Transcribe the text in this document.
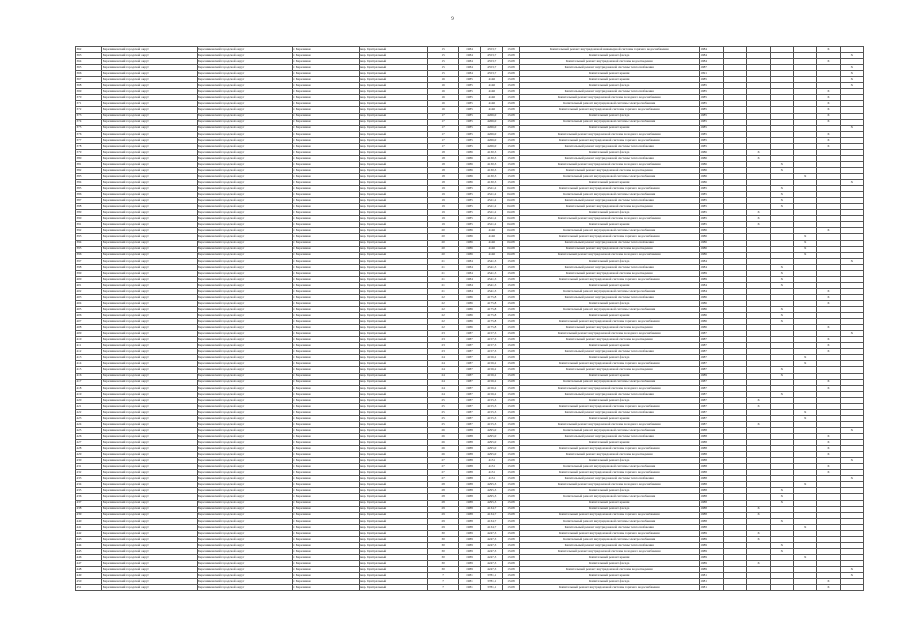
9
362	Березниковский городской округ	Березниковский городской округ	г. Березники	мкр. Центральный	15	1984	4553,7	13.08	Капитальный ремонт внутридомовой инженерной системы горячего водоснабжения	1984					X	
363	Березниковский городской округ	Березниковский городской округ	г. Березники	мкр. Центральный	15	1984	4553,7	13.08	Капитальный ремонт фасада	1984						X
364	Березниковский городской округ	Березниковский городской округ	г. Березники	мкр. Центральный	15	1984	4553,7	13.08	Капитальный ремонт внутридомовой системы водоотведения	1984					X	
365	Березниковский городской округ	Березниковский городской округ	г. Березники	мкр. Центральный	15	1984	4553,7	13.08	Капитальный ремонт внутридомовой системы теплоснабжения	1987						X
366	Березниковский городской округ	Березниковский городской округ	г. Березники	мкр. Центральный	15	1984	4553,7	13.08	Капитальный ремонт крыши	1991						X
367	Березниковский городской округ	Березниковский городской округ	г. Березники	мкр. Центральный	16	1985	4146	13.08	Капитальный ремонт крыши	1985						X
368	Березниковский городской округ	Березниковский городской округ	г. Березники	мкр. Центральный	16	1985	4146	13.08	Капитальный ремонт фасада	1985						X
369	Березниковский городской округ	Березниковский городской округ	г. Березники	мкр. Центральный	16	1985	4146	13.08	Капитальный ремонт внутридомовой системы теплоснабжения	1985					X	
370	Березниковский городской округ	Березниковский городской округ	г. Березники	мкр. Центральный	16	1985	4146	13.08	Капитальный ремонт внутридомовой системы холодного водоснабжения	1985					X	
371	Березниковский городской округ	Березниковский городской округ	г. Березники	мкр. Центральный	16	1985	4146	13.08	Капитальный ремонт внутридомовой системы электроснабжения	1985					X	
372	Березниковский городской округ	Березниковский городской округ	г. Березники	мкр. Центральный	16	1985	4146	13.08	Капитальный ремонт внутридомовой системы горячего водоснабжения	1985					X	
373	Березниковский городской округ	Березниковский городской округ	г. Березники	мкр. Центральный	17	1985	4266,0	13.08	Капитальный ремонт фасада	1985					X	
374	Березниковский городской округ	Березниковский городской округ	г. Березники	мкр. Центральный	17	1985	4266,0	13.08	Капитальный ремонт внутридомовой системы электроснабжения	1985					X	
375	Березниковский городской округ	Березниковский городской округ	г. Березники	мкр. Центральный	17	1985	4266,0	13.08	Капитальный ремонт крыши	1985						X
376	Березниковский городской округ	Березниковский городской округ	г. Березники	мкр. Центральный	17	1985	4266,0	13.08	Капитальный ремонт внутридомовой системы холодного водоснабжения	1985					X	
377	Березниковский городской округ	Березниковский городской округ	г. Березники	мкр. Центральный	17	1985	4266,0	13.08	Капитальный ремонт внутридомовой системы горячего водоснабжения	1985					X	
378	Березниковский городской округ	Березниковский городской округ	г. Березники	мкр. Центральный	17	1985	4266,0	13.08	Капитальный ремонт внутридомовой системы теплоснабжения	1985					X	
379	Березниковский городской округ	Березниковский городской округ	г. Березники	мкр. Центральный	18	1986	4130,3	13.08	Капитальный ремонт фасада	1986		X				
380	Березниковский городской округ	Березниковский городской округ	г. Березники	мкр. Центральный	18	1986	4130,3	13.08	Капитальный ремонт внутридомовой системы теплоснабжения	1986		X				
381	Березниковский городской округ	Березниковский городской округ	г. Березники	мкр. Центральный	18	1986	4130,3	13.08	Капитальный ремонт внутридомовой системы холодного водоснабжения	1986			X			
382	Березниковский городской округ	Березниковский городской округ	г. Березники	мкр. Центральный	18	1986	4130,3	13.08	Капитальный ремонт внутридомовой системы водоотведения	1986			X			
383	Березниковский городской округ	Березниковский городской округ	г. Березники	мкр. Центральный	18	1986	4130,3	13.08	Капитальный ремонт внутридомовой системы электроснабжения	1986				X		
384	Березниковский городской округ	Березниковский городской округ	г. Березники	мкр. Центральный	18	1986	4130,3	13.08	Капитальный ремонт крыши	1986						X
385	Березниковский городской округ	Березниковский городской округ	г. Березники	мкр. Центральный	19	1985	4521,2	04.08	Капитальный ремонт внутридомовой системы горячего водоснабжения	1985			X			
386	Березниковский городской округ	Березниковский городской округ	г. Березники	мкр. Центральный	19	1985	4521,2	04.08	Капитальный ремонт внутридомовой системы электроснабжения	1985			X			
387	Березниковский городской округ	Березниковский городской округ	г. Березники	мкр. Центральный	19	1985	4521,2	04.08	Капитальный ремонт внутридомовой системы теплоснабжения	1985			X			
388	Березниковский городской округ	Березниковский городской округ	г. Березники	мкр. Центральный	19	1985	4521,2	04.08	Капитальный ремонт внутридомовой системы водоотведения	1985			X			
389	Березниковский городской округ	Березниковский городской округ	г. Березники	мкр. Центральный	19	1985	4521,2	04.08	Капитальный ремонт фасада	1985		X				
390	Березниковский городской округ	Березниковский городской округ	г. Березники	мкр. Центральный	19	1985	4521,2	04.08	Капитальный ремонт внутридомовой системы холодного водоснабжения	1985		X				
391	Березниковский городской округ	Березниковский городской округ	г. Березники	мкр. Центральный	19	1985	4521,2	04.08	Капитальный ремонт крыши	1985		X				
392	Березниковский городской округ	Березниковский городской округ	г. Березники	мкр. Центральный	20	1986	4146	04.08	Капитальный ремонт внутридомовой системы электроснабжения	1986					X	
393	Березниковский городской округ	Березниковский городской округ	г. Березники	мкр. Центральный	20	1986	4146	04.08	Капитальный ремонт внутридомовой системы горячего водоснабжения	1986				X		
394	Березниковский городской округ	Березниковский городской округ	г. Березники	мкр. Центральный	20	1986	4146	04.08	Капитальный ремонт внутридомовой системы теплоснабжения	1986				X		
395	Березниковский городской округ	Березниковский городской округ	г. Березники	мкр. Центральный	20	1986	4146	04.08	Капитальный ремонт внутридомовой системы водоотведения	1986				X		
396	Березниковский городской округ	Березниковский городской округ	г. Березники	мкр. Центральный	20	1986	4146	04.08	Капитальный ремонт внутридомовой системы холодного водоснабжения	1986				X		
397	Березниковский городской округ	Березниковский городской округ	г. Березники	мкр. Центральный	21	1984	4541,3	13.08	Капитальный ремонт фасада	1984						X
398	Березниковский городской округ	Березниковский городской округ	г. Березники	мкр. Центральный	21	1984	4541,3	13.08	Капитальный ремонт внутридомовой системы теплоснабжения	1984			X			
399	Березниковский городской округ	Березниковский городской округ	г. Березники	мкр. Центральный	21	1984	4541,3	13.08	Капитальный ремонт внутридомовой системы водоотведения	1989			X			
400	Березниковский городской округ	Березниковский городской округ	г. Березники	мкр. Центральный	21	1984	4541,3	13.08	Капитальный ремонт внутридомовой системы горячего водоснабжения	1989			X			
401	Березниковский городской округ	Березниковский городской округ	г. Березники	мкр. Центральный	21	1984	4541,3	13.08	Капитальный ремонт крыши	1984			X			
402	Березниковский городской округ	Березниковский городской округ	г. Березники	мкр. Центральный	21	1984	4541,3	13.08	Капитальный ремонт внутридомовой системы электроснабжения	1984					X	
403	Березниковский городской округ	Березниковский городской округ	г. Березники	мкр. Центральный	22	1986	4175,8	13.08	Капитальный ремонт внутридомовой системы теплоснабжения	1986					X	
404	Березниковский городской округ	Березниковский городской округ	г. Березники	мкр. Центральный	22	1986	4175,8	13.08	Капитальный ремонт фасада	1986					X	
405	Березниковский городской округ	Березниковский городской округ	г. Березники	мкр. Центральный	22	1986	4175,8	13.08	Капитальный ремонт внутридомовой системы электроснабжения	1986			X			
406	Березниковский городской округ	Березниковский городской округ	г. Березники	мкр. Центральный	22	1986	4175,8	13.08	Капитальный ремонт крыши	1986			X			
407	Березниковский городской округ	Березниковский городской округ	г. Березники	мкр. Центральный	22	1986	4175,8	13.08	Капитальный ремонт внутридомовой системы горячего водоснабжения	1986			X			
408	Березниковский городской округ	Березниковский городской округ	г. Березники	мкр. Центральный	22	1986	4175,8	13.08	Капитальный ремонт внутридомовой системы водоотведения	1986					X	
409	Березниковский городской округ	Березниковский городской округ	г. Березники	мкр. Центральный	23	1987	4157,3	13.08	Капитальный ремонт внутридомовой системы холодного водоснабжения	1987						X
410	Березниковский городской округ	Березниковский городской округ	г. Березники	мкр. Центральный	23	1987	4157,3	13.08	Капитальный ремонт внутридомовой системы водоотведения	1987					X	
411	Березниковский городской округ	Березниковский городской округ	г. Березники	мкр. Центральный	23	1987	4157,3	13.08	Капитальный ремонт крыши	1987					X	
412	Березниковский городской округ	Березниковский городской округ	г. Березники	мкр. Центральный	23	1987	4157,3	13.08	Капитальный ремонт внутридомовой системы теплоснабжения	1987					X	
413	Березниковский городской округ	Березниковский городской округ	г. Березники	мкр. Центральный	24	1987	4156,2	13.08	Капитальный ремонт фасада	1987				X		
414	Березниковский городской округ	Березниковский городской округ	г. Березники	мкр. Центральный	24	1987	4156,2	13.08	Капитальный ремонт внутридомовой системы горячего водоснабжения	1987				X		
415	Березниковский городской округ	Березниковский городской округ	г. Березники	мкр. Центральный	24	1987	4156,2	13.08	Капитальный ремонт внутридомовой системы водоотведения	1987			X			
416	Березниковский городской округ	Березниковский городской округ	г. Березники	мкр. Центральный	24	1987	4156,2	13.08	Капитальный ремонт крыши	1989			X			
417	Березниковский городской округ	Березниковский городской округ	г. Березники	мкр. Центральный	24	1987	4156,2	13.08	Капитальный ремонт внутридомовой системы электроснабжения	1987					X	
418	Березниковский городской округ	Березниковский городской округ	г. Березники	мкр. Центральный	24	1987	4156,2	13.08	Капитальный ремонт внутридомовой системы холодного водоснабжения	1987					X	
419	Березниковский городской округ	Березниковский городской округ	г. Березники	мкр. Центральный	24	1987	4156,2	13.08	Капитальный ремонт внутридомовой системы теплоснабжения	1987			X			
420	Березниковский городской округ	Березниковский городской округ	г. Березники	мкр. Центральный	25	1987	4155,3	13.08	Капитальный ремонт фасада	1987		X				
421	Березниковский городской округ	Березниковский городской округ	г. Березники	мкр. Центральный	25	1987	4155,3	13.08	Капитальный ремонт внутридомовой системы горячего водоснабжения	1987		X				
422	Березниковский городской округ	Березниковский городской округ	г. Березники	мкр. Центральный	25	1987	4155,3	13.08	Капитальный ремонт внутридомовой системы теплоснабжения	1987				X		
423	Березниковский городской округ	Березниковский городской округ	г. Березники	мкр. Центральный	25	1987	4155,3	13.08	Капитальный ремонт крыши	1987				X		
424	Березниковский городской округ	Березниковский городской округ	г. Березники	мкр. Центральный	25	1987	4155,3	13.08	Капитальный ремонт внутридомовой системы холодного водоснабжения	1987		X				
425	Березниковский городской округ	Березниковский городской округ	г. Березники	мкр. Центральный	26	1988	4295,0	13.08	Капитальный ремонт внутридомовой системы электроснабжения	1988						X
426	Березниковский городской округ	Березниковский городской округ	г. Березники	мкр. Центральный	26	1988	4295,0	13.08	Капитальный ремонт внутридомовой системы теплоснабжения	1988					X	
427	Березниковский городской округ	Березниковский городской округ	г. Березники	мкр. Центральный	26	1988	4295,0	13.08	Капитальный ремонт крыши	1988					X	
428	Березниковский городской округ	Березниковский городской округ	г. Березники	мкр. Центральный	26	1988	4295,0	13.08	Капитальный ремонт внутридомовой системы горячего водоснабжения	1988					X	
429	Березниковский городской округ	Березниковский городской округ	г. Березники	мкр. Центральный	26	1988	4295,0	13.08	Капитальный ремонт внутридомовой системы водоотведения	1988					X	
430	Березниковский городской округ	Березниковский городской округ	г. Березники	мкр. Центральный	27	1988	4131	13.08	Капитальный ремонт фасада	1988						X
431	Березниковский городской округ	Березниковский городской округ	г. Березники	мкр. Центральный	27	1988	4131	13.08	Капитальный ремонт внутридомовой системы электроснабжения	1988					X	
432	Березниковский городской округ	Березниковский городской округ	г. Березники	мкр. Центральный	27	1988	4131	13.08	Капитальный ремонт внутридомовой системы горячего водоснабжения	1988					X	
433	Березниковский городской округ	Березниковский городской округ	г. Березники	мкр. Центральный	27	1988	4131	13.08	Капитальный ремонт внутридомовой системы теплоснабжения	1988						X
434	Березниковский городской округ	Березниковский городской округ	г. Березники	мкр. Центральный	28	1988	4295,3	13.08	Капитальный ремонт внутридомовой системы холодного водоснабжения	1988				X		
435	Березниковский городской округ	Березниковский городской округ	г. Березники	мкр. Центральный	28	1988	4295,3	13.08	Капитальный ремонт фасада	1988			X			
436	Березниковский городской округ	Березниковский городской округ	г. Березники	мкр. Центральный	28	1988	4295,3	13.08	Капитальный ремонт внутридомовой системы электроснабжения	1988			X			
437	Березниковский городской округ	Березниковский городской округ	г. Березники	мкр. Центральный	28	1988	4295,3	13.08	Капитальный ремонт крыши	1988			X			
438	Березниковский городской округ	Березниковский городской округ	г. Березники	мкр. Центральный	29	1988	4134,7	13.08	Капитальный ремонт фасада	1988		X				
439	Березниковский городской округ	Березниковский городской округ	г. Березники	мкр. Центральный	29	1988	4134,7	13.08	Капитальный ремонт внутридомовой системы горячего водоснабжения	1988		X				
440	Березниковский городской округ	Березниковский городской округ	г. Березники	мкр. Центральный	29	1988	4134,7	13.08	Капитальный ремонт внутридомовой системы электроснабжения	1988			X			
441	Березниковский городской округ	Березниковский городской округ	г. Березники	мкр. Центральный	29	1988	4134,7	13.08	Капитальный ремонт внутридомовой системы теплоснабжения	1988				X		
442	Березниковский городской округ	Березниковский городской округ	г. Березники	мкр. Центральный	30	1989	4247,3	13.08	Капитальный ремонт внутридомовой системы горячего водоснабжения	1989		X				
443	Березниковский городской округ	Березниковский городской округ	г. Березники	мкр. Центральный	30	1989	4247,3	13.08	Капитальный ремонт внутридомовой системы электроснабжения	1989		X				
444	Березниковский городской округ	Березниковский городской округ	г. Березники	мкр. Центральный	30	1989	4247,3	13.08	Капитальный ремонт внутридомовой системы теплоснабжения	1989			X			
445	Березниковский городской округ	Березниковский городской округ	г. Березники	мкр. Центральный	30	1989	4247,3	13.08	Капитальный ремонт внутридомовой системы холодного водоснабжения	1989			X			
446	Березниковский городской округ	Березниковский городской округ	г. Березники	мкр. Центральный	30	1989	4247,3	13.08	Капитальный ремонт крыши	1989				X		
447	Березниковский городской округ	Березниковский городской округ	г. Березники	мкр. Центральный	30	1989	4247,3	13.08	Капитальный ремонт фасада	1989		X				
448	Березниковский городской округ	Березниковский городской округ	г. Березники	мкр. Центральный	30	1989	4247,3	13.08	Капитальный ремонт внутридомовой системы водоотведения	1989						X
449	Березниковский городской округ	Березниковский городской округ	г. Березники	мкр. Центральный	7	1981	3781,1	13.08	Капитальный ремонт крыши	1981						X
450	Березниковский городской округ	Березниковский городской округ	г. Березники	мкр. Центральный	7	1981	3781,1	13.08	Капитальный ремонт фасада	1981					X	
451	Березниковский городской округ	Березниковский городской округ	г. Березники	мкр. Центральный	7	1981	3781,1	13.08	Капитальный ремонт внутридомовой системы горячего водоснабжения	1981					X	
